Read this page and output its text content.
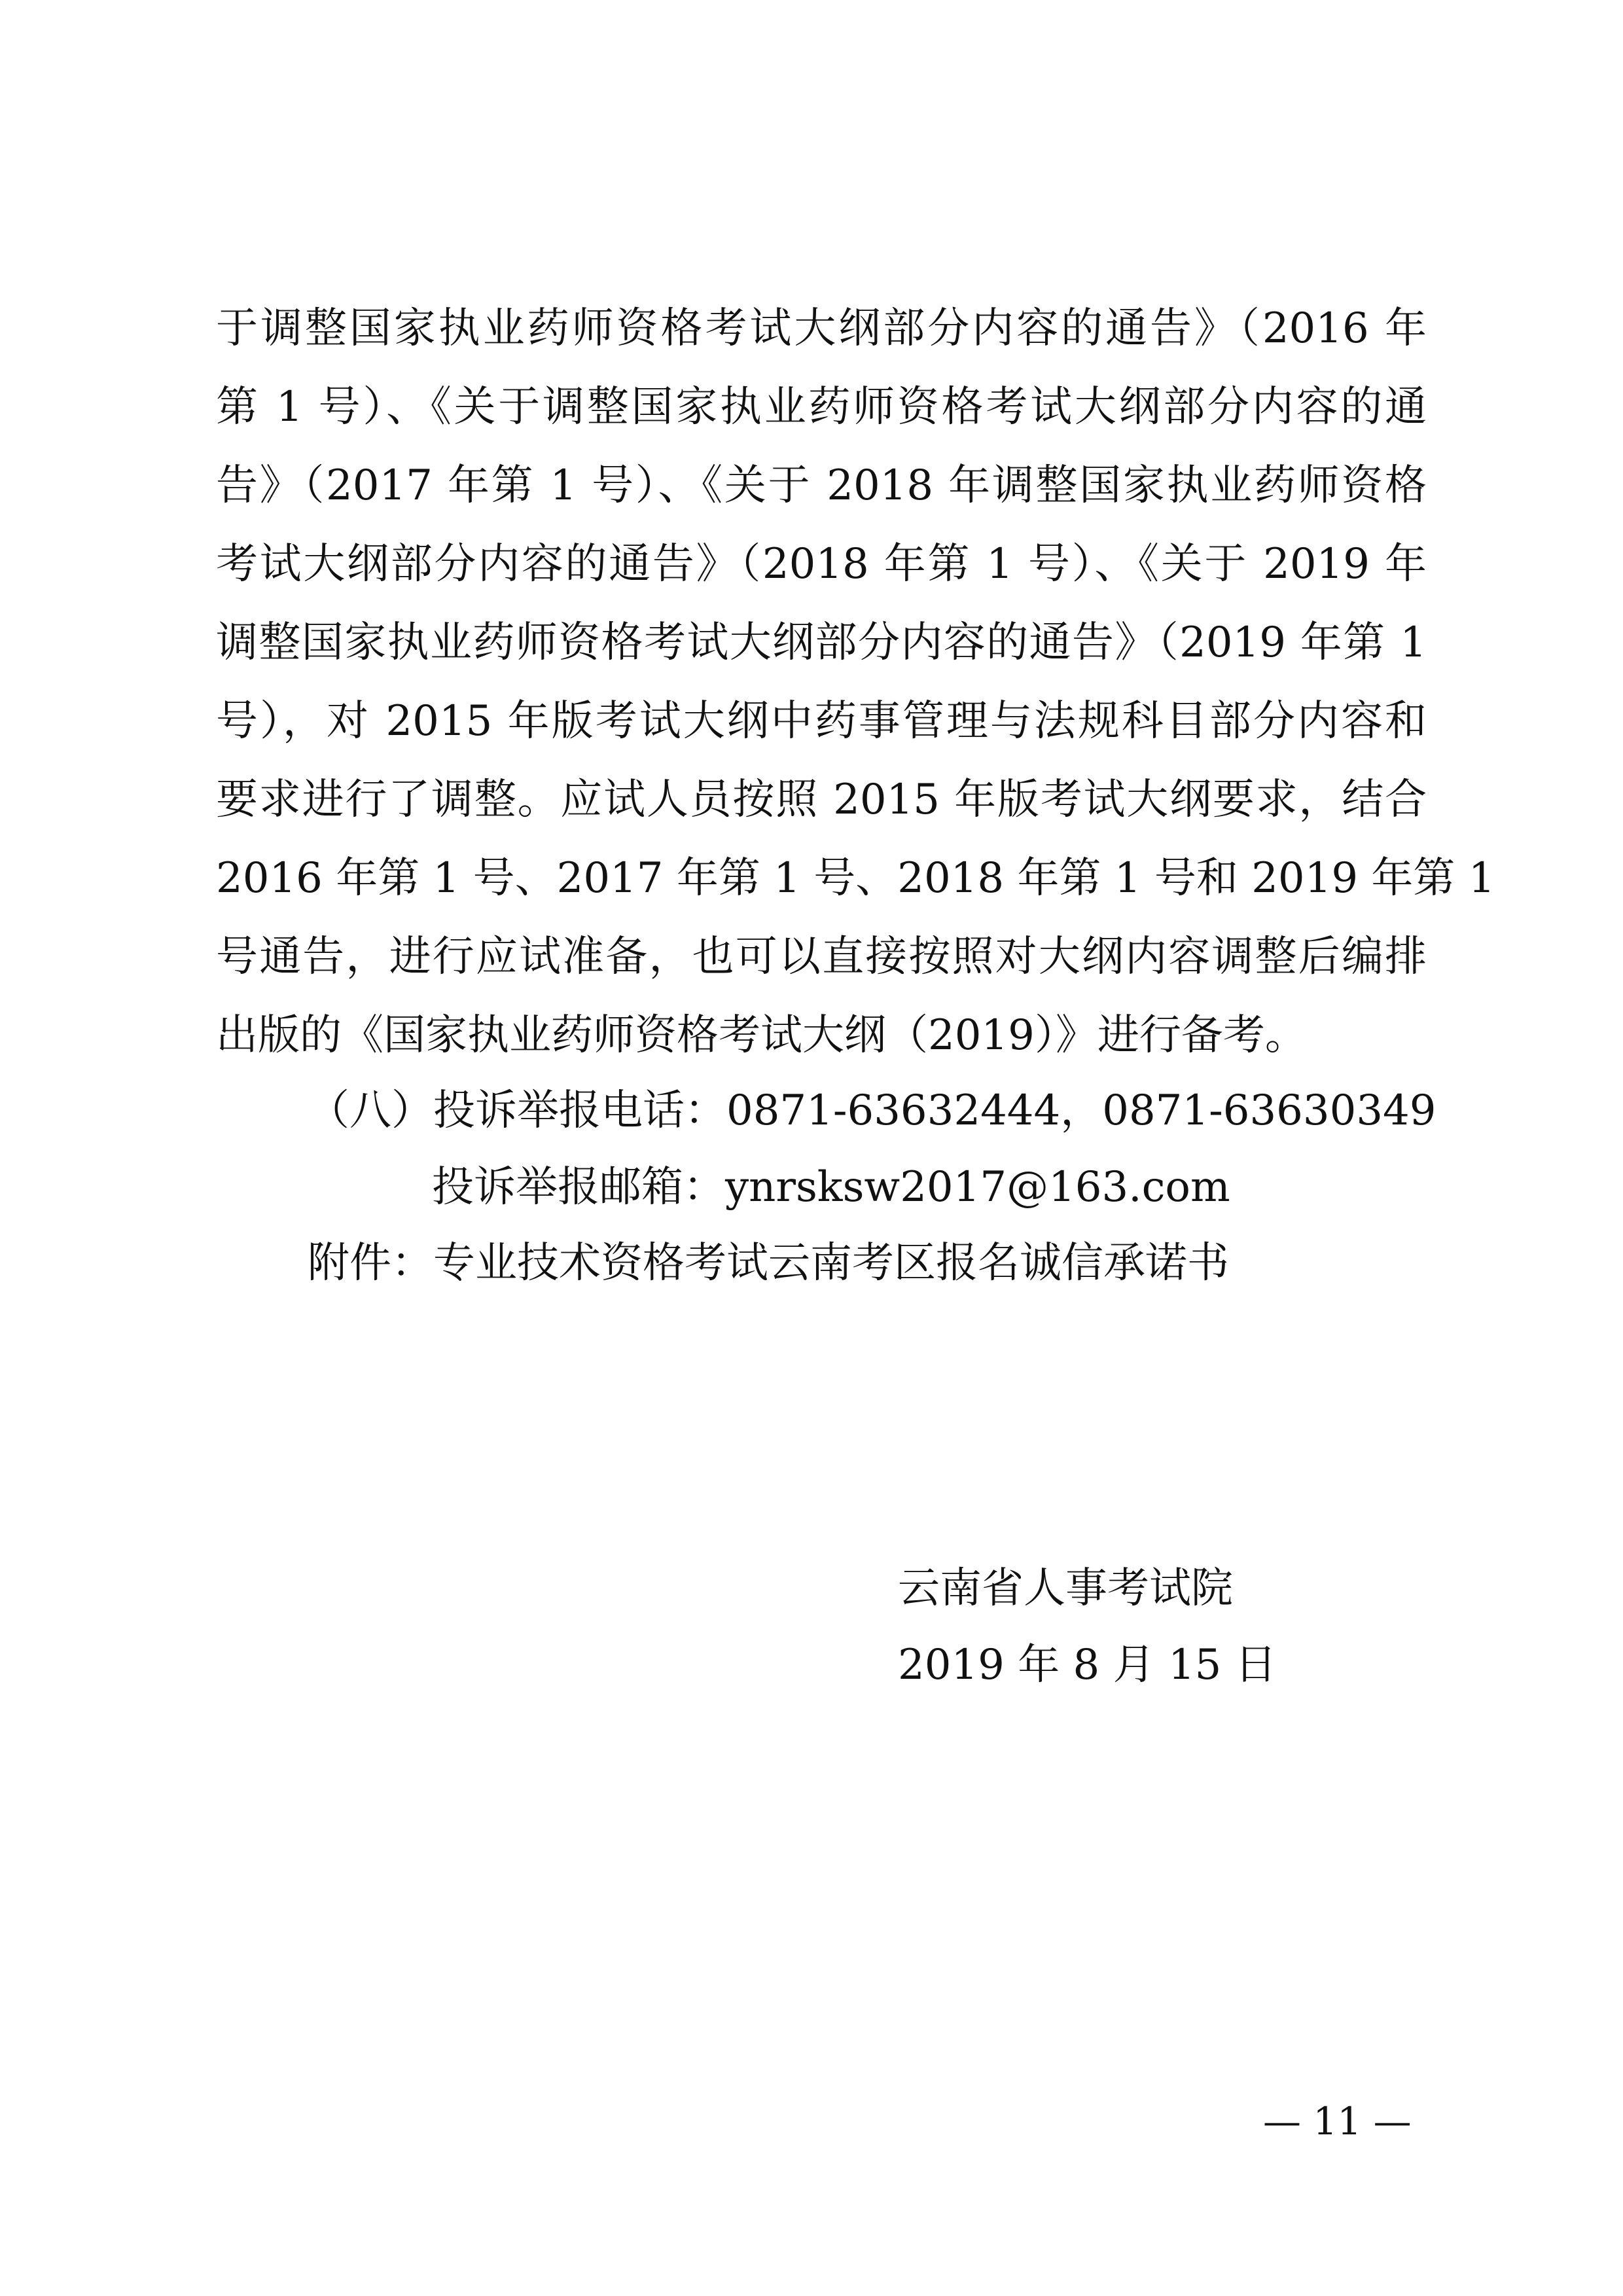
于调整国家执业药师资格考试大纲部分内容的通告》（2016 年
第 1 号）、《关于调整国家执业药师资格考试大纲部分内容的通
告》（2017 年第 1 号）、《关于 2018 年调整国家执业药师资格
考试大纲部分内容的通告》（2018 年第 1 号）、《关于 2019 年
调整国家执业药师资格考试大纲部分内容的通告》（2019 年第 1
号），对 2015 年版考试大纲中药事管理与法规科目部分内容和
要求进行了调整。应试人员按照 2015 年版考试大纲要求，结合
2016 年第 1 号、2017 年第 1 号、2018 年第 1 号和 2019 年第 1
号通告，进行应试准备，也可以直接按照对大纲内容调整后编排
出版的《国家执业药师资格考试大纲（2019）》进行备考。
（八）投诉举报电话：0871-63632444，0871-63630349
投诉举报邮箱：ynrsksw2017@163.com
附件：专业技术资格考试云南考区报名诚信承诺书
云南省人事考试院
2019 年 8 月 15 日
— 11 —
